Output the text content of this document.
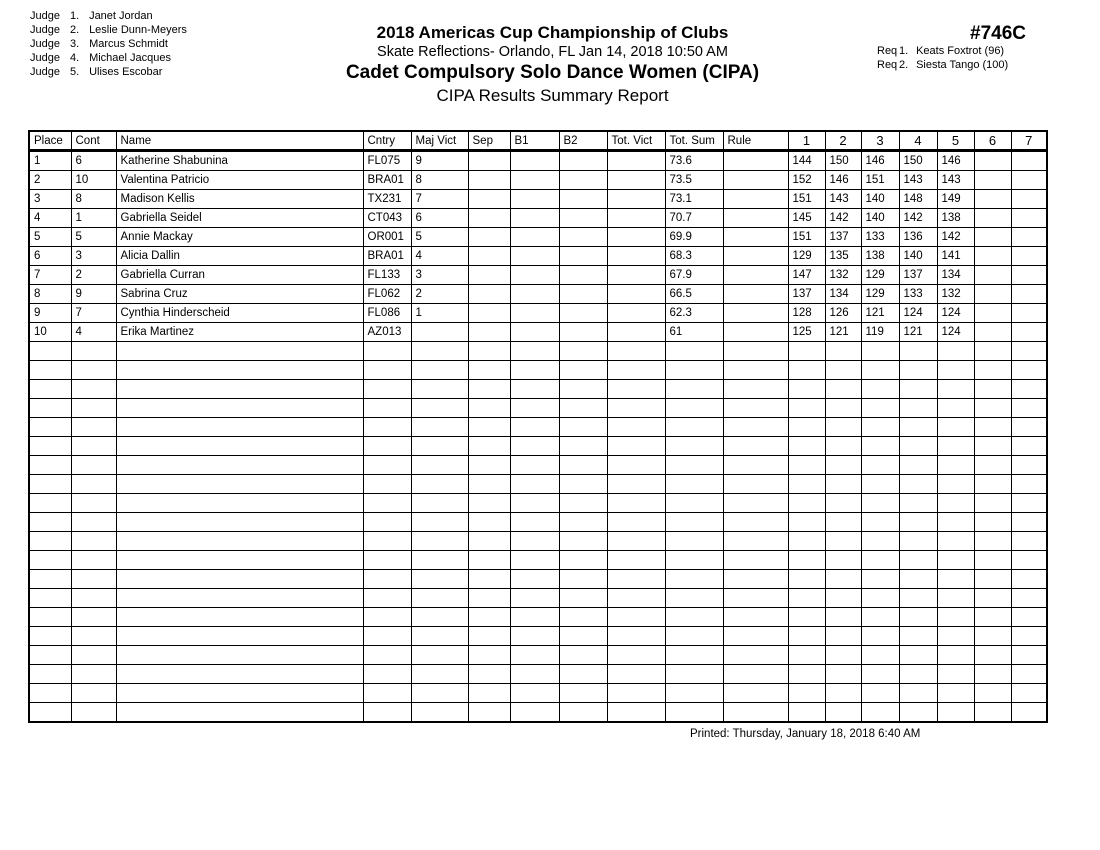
Judge 1. Janet Jordan
Judge 2. Leslie Dunn-Meyers
Judge 3. Marcus Schmidt
Judge 4. Michael Jacques
Judge 5. Ulises Escobar
2018 Americas Cup Championship of Clubs
Skate Reflections- Orlando, FL Jan 14, 2018 10:50 AM
Cadet Compulsory Solo Dance Women (CIPA)
CIPA Results Summary Report
#746C
Req 1. Keats Foxtrot (96)
Req 2. Siesta Tango (100)
Place	Cont	Name	Cntry	Maj Vict	Sep	B1	B2	Tot. Vict	Tot. Sum	Rule	1	2	3	4	5	6	7
1	6	Katherine Shabunina	FL075	9					73.6		144	150	146	150	146		
2	10	Valentina Patricio	BRA01	8					73.5		152	146	151	143	143		
3	8	Madison Kellis	TX231	7					73.1		151	143	140	148	149		
4	1	Gabriella Seidel	CT043	6					70.7		145	142	140	142	138		
5	5	Annie Mackay	OR001	5					69.9		151	137	133	136	142		
6	3	Alicia Dallin	BRA01	4					68.3		129	135	138	140	141		
7	2	Gabriella Curran	FL133	3					67.9		147	132	129	137	134		
8	9	Sabrina Cruz	FL062	2					66.5		137	134	129	133	132		
9	7	Cynthia Hinderscheid	FL086	1					62.3		128	126	121	124	124		
10	4	Erika Martinez	AZ013						61		125	121	119	121	124		

Printed: Thursday, January 18, 2018 6:40 AM
